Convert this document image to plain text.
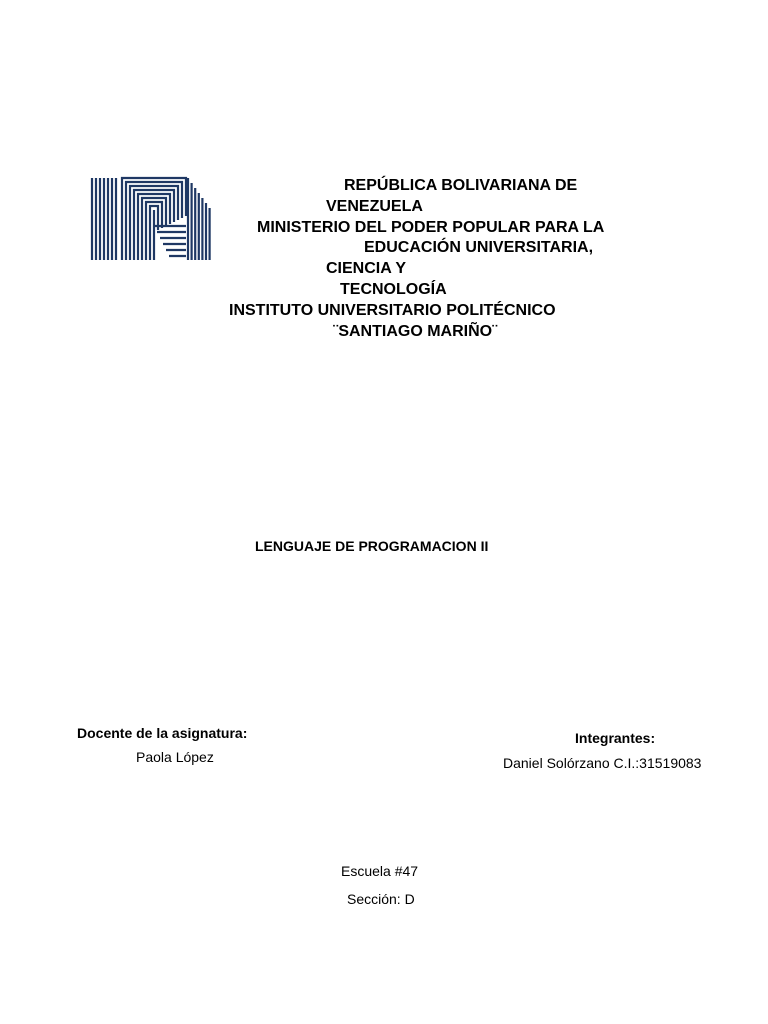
REPÚBLICA BOLIVARIANA DE
VENEZUELA
MINISTERIO DEL PODER POPULAR PARA LA
EDUCACIÓN UNIVERSITARIA,
CIENCIA Y
TECNOLOGÍA
INSTITUTO UNIVERSITARIO POLITÉCNICO
¨SANTIAGO MARIÑO¨
LENGUAJE DE PROGRAMACION II
Docente de la asignatura:
Paola López
Integrantes:
Daniel Solórzano C.I.:31519083
Escuela #47
Sección: D
